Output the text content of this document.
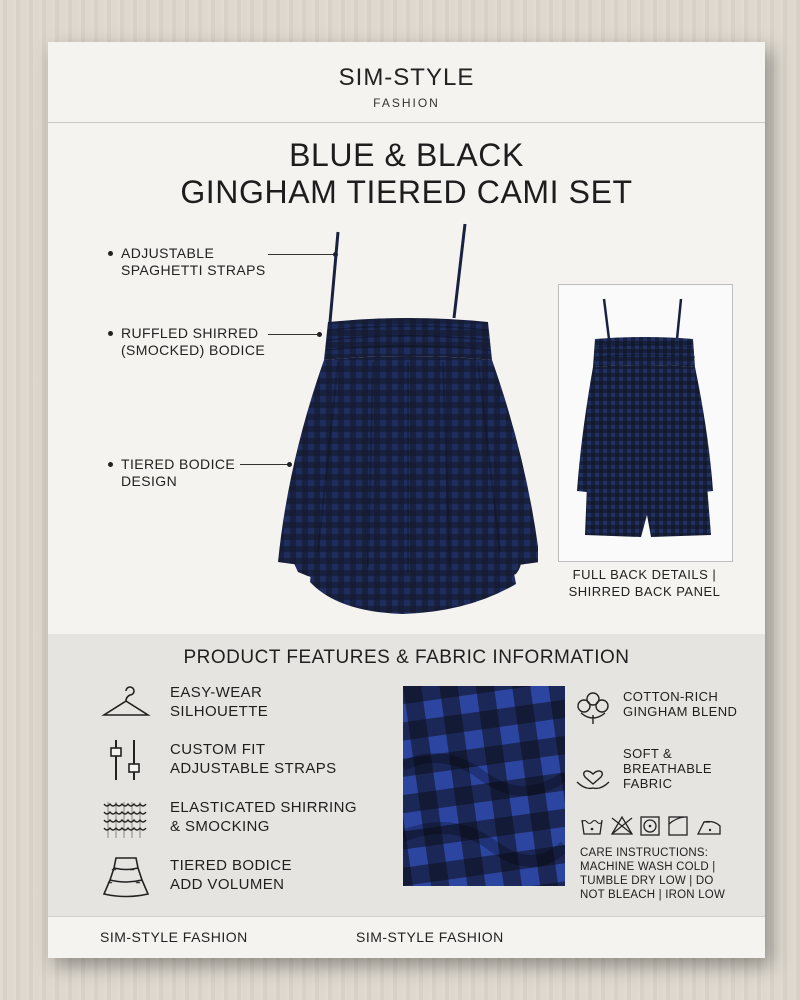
SIM-STYLE
FASHION
BLUE & BLACK
GINGHAM TIERED CAMI SET
ADJUSTABLE
SPAGHETTI STRAPS
RUFFLED SHIRRED
(SMOCKED) BODICE
TIERED BODICE
DESIGN
FULL BACK DETAILS |
SHIRRED BACK PANEL
PRODUCT FEATURES & FABRIC INFORMATION
EASY-WEAR
SILHOUETTE
CUSTOM FIT
ADJUSTABLE STRAPS
ELASTICATED SHIRRING
& SMOCKING
TIERED BODICE
ADD VOLUMEN
COTTON-RICH
GINGHAM BLEND
SOFT &
BREATHABLE
FABRIC
CARE INSTRUCTIONS:
MACHINE WASH COLD |
TUMBLE DRY LOW | DO
NOT BLEACH | IRON LOW
SIM-STYLE FASHION	SIM-STYLE FASHION
